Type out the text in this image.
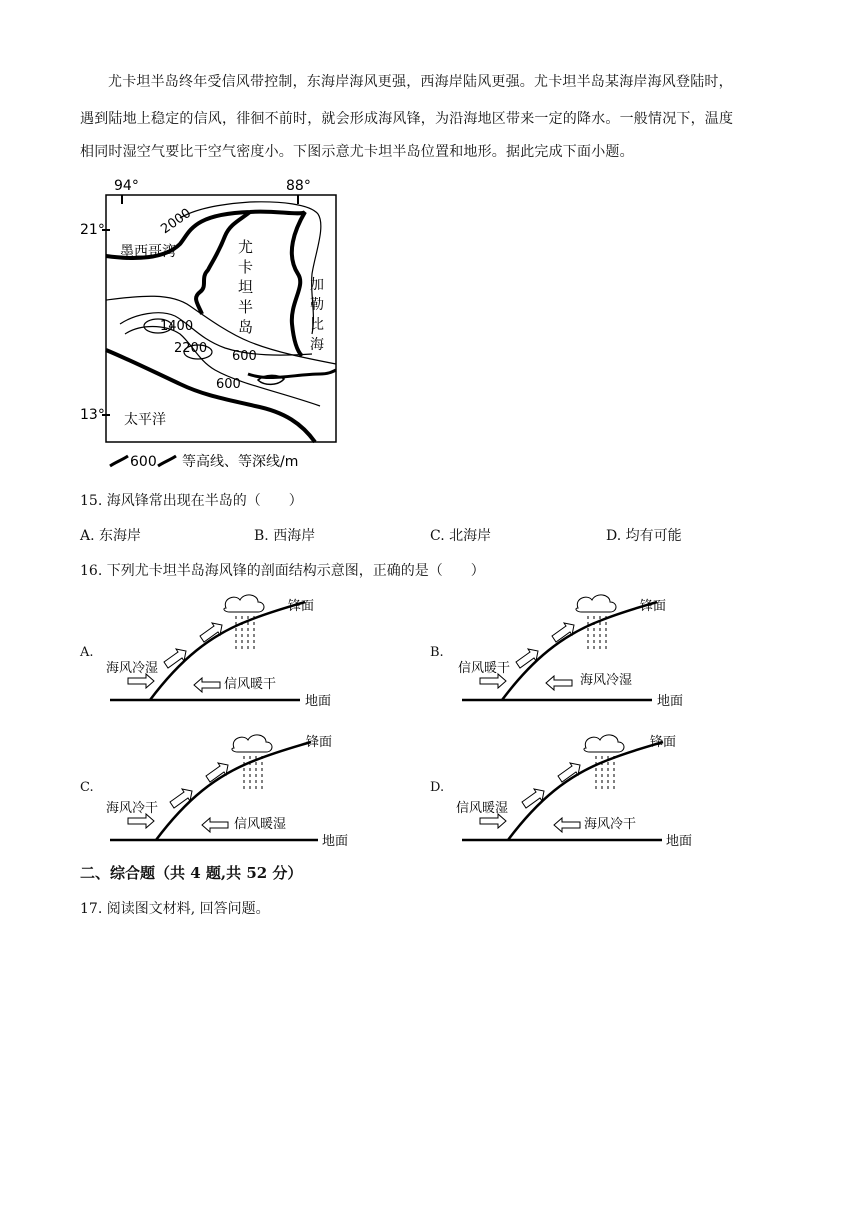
尤卡坦半岛终年受信风带控制，东海岸海风更强，西海岸陆风更强。尤卡坦半岛某海岸海风登陆时，
遇到陆地上稳定的信风，徘徊不前时，就会形成海风锋，为沿海地区带来一定的降水。一般情况下，温度
相同时湿空气要比干空气密度小。下图示意尤卡坦半岛位置和地形。据此完成下面小题。
94°	88°
21°
13°
2000
1400
2200
600
600
墨西哥湾	尤
卡
坦
半
岛
加
勒
比
海
太平洋
600 等高线、等深线/m
15. 海风锋常出现在半岛的（　　）
A. 东海岸	B. 西海岸	C. 北海岸	D. 均有可能
16. 下列尤卡坦半岛海风锋的剖面结构示意图，正确的是（　　）
A.
锋面
地面
海风冷湿
信风暖干
B.
锋面
地面
信风暖干
海风冷湿
C.
锋面
地面
海风冷干
信风暖湿
D.
锋面
地面
信风暖湿
海风冷干
二、综合题（共 4 题,共 52 分）
17. 阅读图文材料, 回答问题。
